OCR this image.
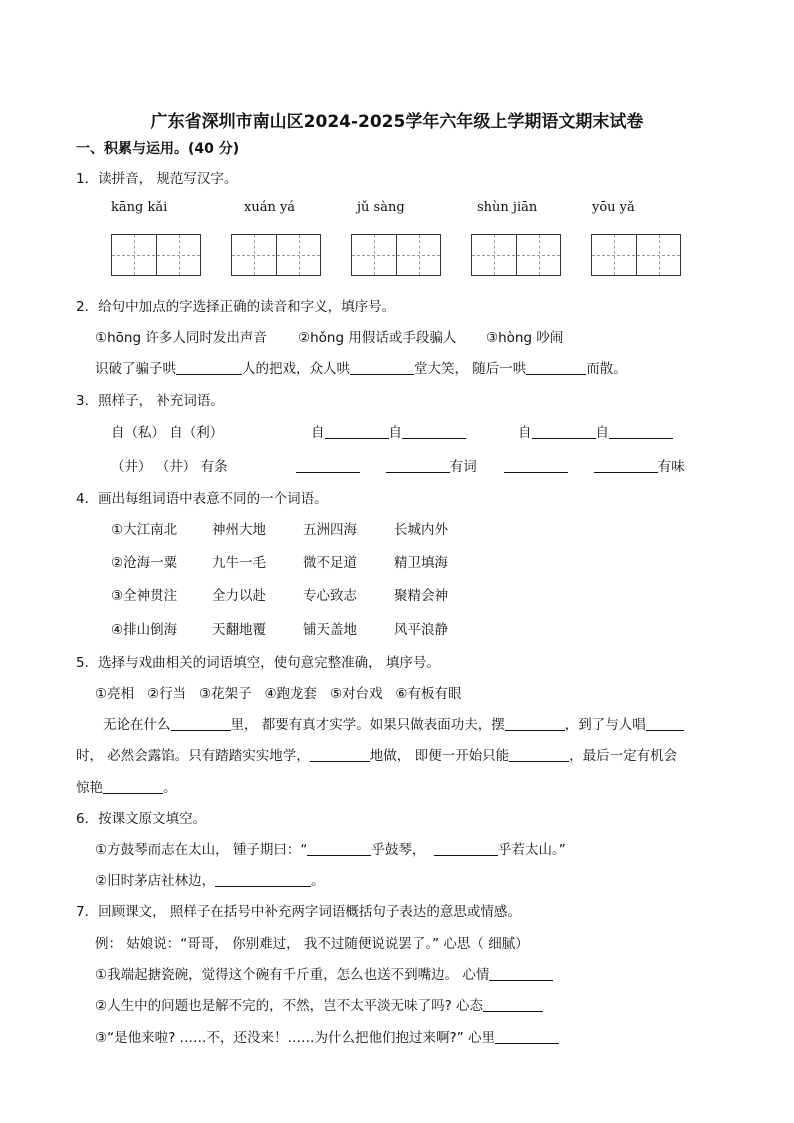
广东省深圳市南山区2024-2025学年六年级上学期语文期末试卷
一、积累与运用。(40 分)
1．读拼音， 规范写汉字。
kāng kǎi	xuán yá	jǔ sàng	shùn jiān	yōu yǎ
2．给句中加点的字选择正确的读音和字义，填序号。
①hōng 许多人同时发出声音 ②hǒng 用假话或手段骗人 ③hòng 吵闹
识破了骗子哄	人的把戏，众人哄	堂大笑， 随后一哄	而散。
3．照样子， 补充词语。
自（私） 自（利）	自	自	自	自
（井） （井） 有条	有词	有味
4．画出每组词语中表意不同的一个词语。
①大江南北	神州大地	五洲四海	长城内外
②沧海一粟	九牛一毛	微不足道	精卫填海
③全神贯注	全力以赴	专心致志	聚精会神
④排山倒海	天翻地覆	铺天盖地	风平浪静
5．选择与戏曲相关的词语填空，使句意完整准确， 填序号。
①亮相 ②行当 ③花架子 ④跑龙套 ⑤对台戏 ⑥有板有眼
无论在什么	里， 都要有真才实学。如果只做表面功夫，摆	，到了与人唱
时， 必然会露馅。只有踏踏实实地学，	地做， 即便一开始只能	，最后一定有机会
惊艳	。
6．按课文原文填空。
①方鼓琴而志在太山， 锺子期曰：“	乎鼓琴，	乎若太山。”
②旧时茅店社林边，	。
7．回顾课文， 照样子在括号中补充两字词语概括句子表达的意思或情感。
例： 姑娘说：“哥哥， 你别难过， 我不过随便说说罢了。” 心思（ 细腻）
①我端起搪瓷碗，觉得这个碗有千斤重，怎么也送不到嘴边。 心情
②人生中的问题也是解不完的，不然，岂不太平淡无味了吗? 心态
③“是他来啦? ……不，还没来！……为什么把他们抱过来啊?” 心里
